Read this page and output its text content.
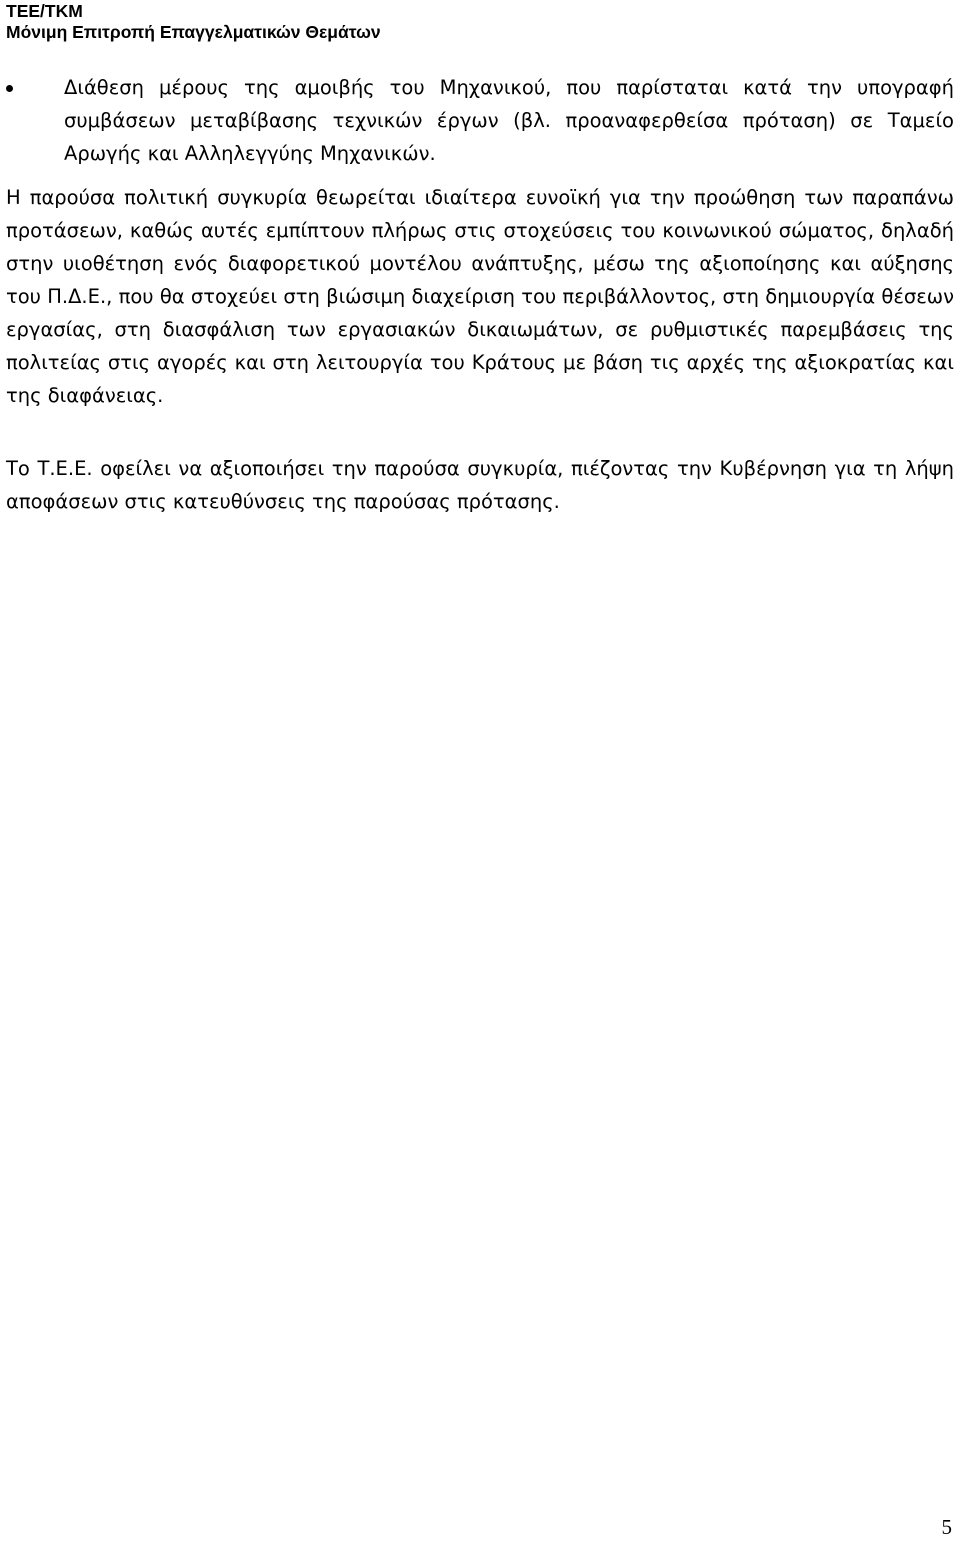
TEE/TKM
Μόνιμη Επιτροπή Επαγγελματικών Θεμάτων
Διάθεση μέρους της αμοιβής του Μηχανικού, που παρίσταται κατά την υπογραφή συμβάσεων μεταβίβασης τεχνικών έργων (βλ. προαναφερθείσα πρόταση) σε Ταμείο Αρωγής και Αλληλεγγύης Μηχανικών.

Η παρούσα πολιτική συγκυρία θεωρείται ιδιαίτερα ευνοϊκή για την προώθηση των παραπάνω προτάσεων, καθώς αυτές εμπίπτουν πλήρως στις στοχεύσεις του κοινωνικού σώματος, δηλαδή στην υιοθέτηση ενός διαφορετικού μοντέλου ανάπτυξης, μέσω της αξιοποίησης και αύξησης του Π.Δ.Ε., που θα στοχεύει στη βιώσιμη διαχείριση του περιβάλλοντος, στη δημιουργία θέσεων εργασίας, στη διασφάλιση των εργασιακών δικαιωμάτων, σε ρυθμιστικές παρεμβάσεις της πολιτείας στις αγορές και στη λειτουργία του Κράτους με βάση τις αρχές της αξιοκρατίας και της διαφάνειας.

Το Τ.Ε.Ε. οφείλει να αξιοποιήσει την παρούσα συγκυρία, πιέζοντας την Κυβέρνηση για τη λήψη αποφάσεων στις κατευθύνσεις της παρούσας πρότασης.

5
